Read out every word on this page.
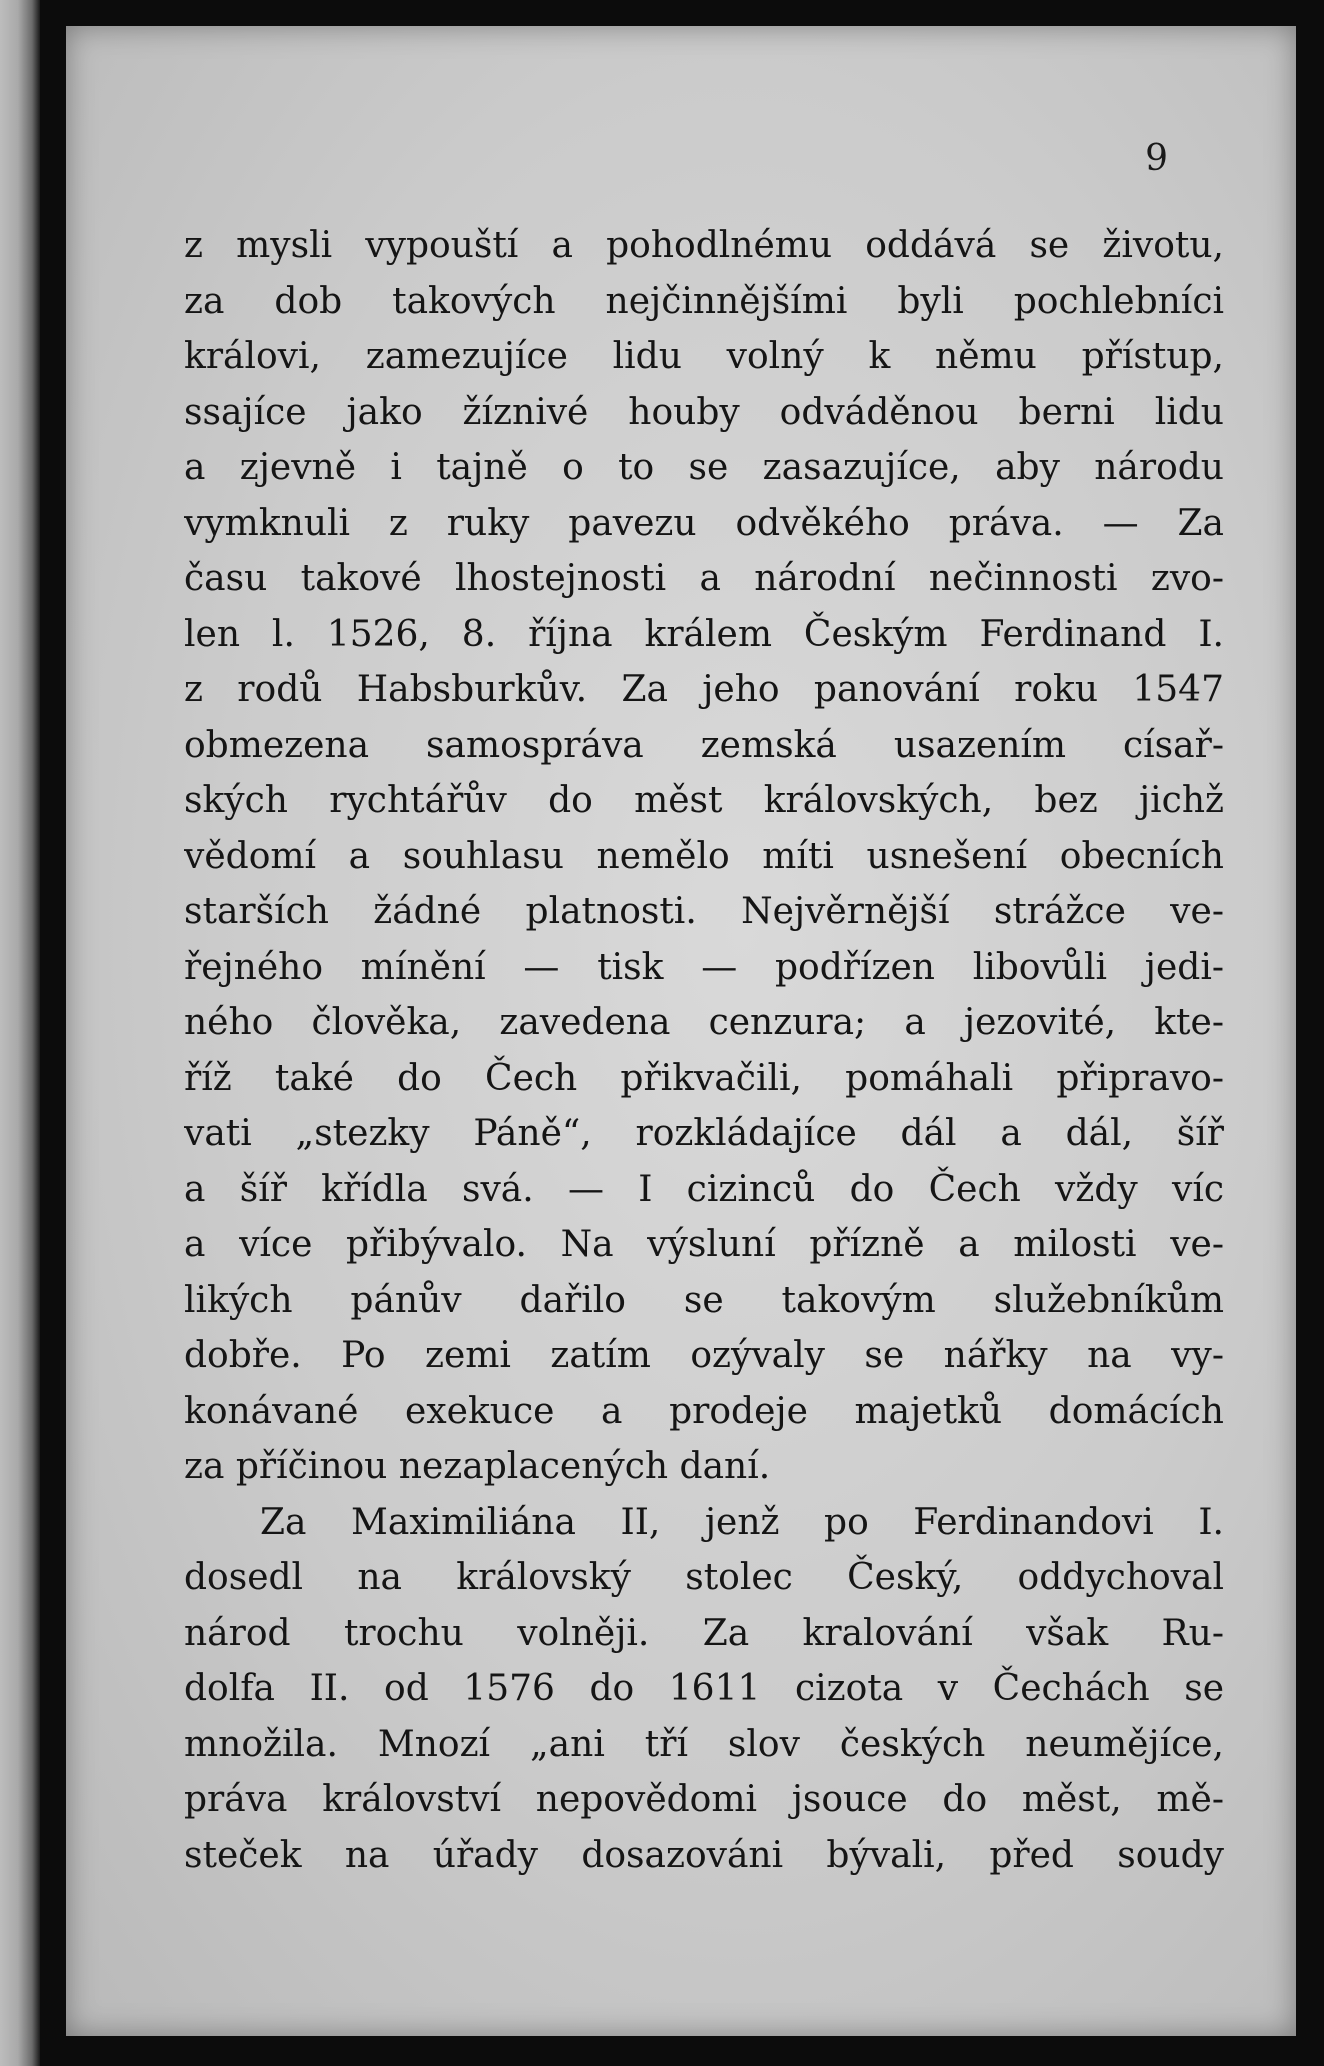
9

z mysli vypouští a pohodlnému oddává se životu,
za dob takových nejčinnějšími byli pochlebníci
královi, zamezujíce lidu volný k němu přístup,
ssajíce jako žíznivé houby odváděnou berni lidu
a zjevně i tajně o to se zasazujíce, aby národu
vymknuli z ruky pavezu odvěkého práva. — Za
času takové lhostejnosti a národní nečinnosti zvo-
len l. 1526, 8. října králem Českým Ferdinand I.
z rodů Habsburkův. Za jeho panování roku 1547
obmezena samospráva zemská usazením císař-
ských rychtářův do měst královských, bez jichž
vědomí a souhlasu nemělo míti usnešení obecních
starších žádné platnosti. Nejvěrnější strážce ve-
řejného mínění — tisk — podřízen libovůli jedi-
ného člověka, zavedena cenzura; a jezovité, kte-
říž také do Čech přikvačili, pomáhali připravo-
vati „stezky Páně“, rozkládajíce dál a dál, šíř
a šíř křídla svá. — I cizinců do Čech vždy víc
a více přibývalo. Na výsluní přízně a milosti ve-
likých pánův dařilo se takovým služebníkům
dobře. Po zemi zatím ozývaly se nářky na vy-
konávané exekuce a prodeje majetků domácích
za příčinou nezaplacených daní.
Za Maximiliána II, jenž po Ferdinandovi I.
dosedl na královský stolec Český, oddychoval
národ trochu volněji. Za kralování však Ru-
dolfa II. od 1576 do 1611 cizota v Čechách se
množila. Mnozí „ani tří slov českých neumějíce,
práva království nepovědomi jsouce do měst, mě-
steček na úřady dosazováni bývali, před soudy
